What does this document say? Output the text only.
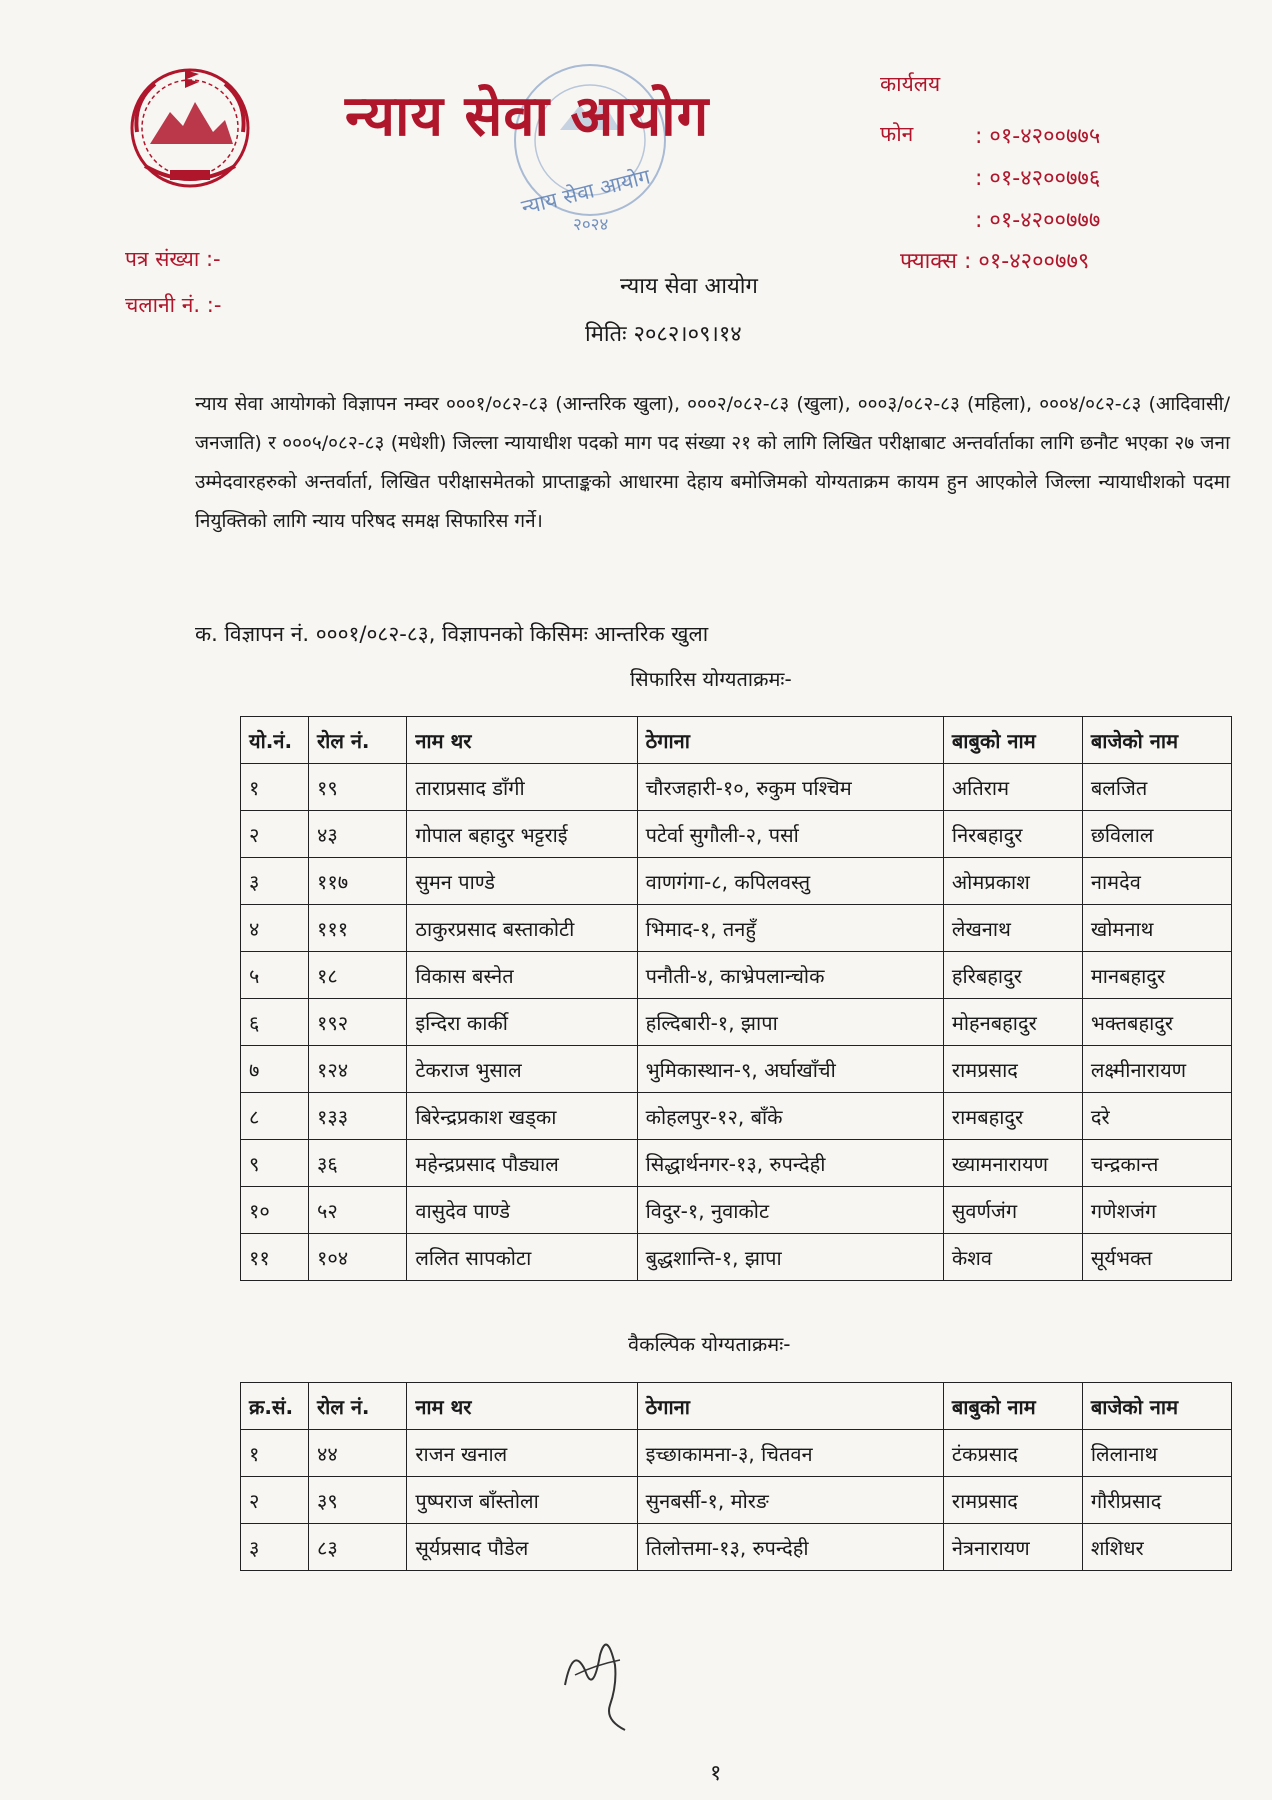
न्याय सेवा आयोग
२०२४
न्याय सेवा आयोग	कार्यलय
फोन	: ०१-४२००७७५
: ०१-४२००७७६
: ०१-४२००७७७
फ्याक्स : ०१-४२००७७९
पत्र संख्या :-
चलानी नं. :-
न्याय सेवा आयोग
मितिः २०८२।०९।१४
न्याय सेवा आयोगको विज्ञापन नम्वर ०००१/०८२-८३ (आन्तरिक खुला), ०००२/०८२-८३ (खुला), ०००३/०८२-८३ (महिला), ०००४/०८२-८३ (आदिवासी/जनजाति) र ०००५/०८२-८३ (मधेशी) जिल्ला न्यायाधीश पदको माग पद संख्या २१ को लागि लिखित परीक्षाबाट अन्तर्वार्ताका लागि छनौट भएका २७ जना उम्मेदवारहरुको अन्तर्वार्ता, लिखित परीक्षासमेतको प्राप्ताङ्कको आधारमा देहाय बमोजिमको योग्यताक्रम कायम हुन आएकोले जिल्ला न्यायाधीशको पदमा नियुक्तिको लागि न्याय परिषद समक्ष सिफारिस गर्ने।
क. विज्ञापन नं. ०००१/०८२-८३, विज्ञापनको किसिमः आन्तरिक खुला
सिफारिस योग्यताक्रमः-
यो.नं.	रोल नं.	नाम थर	ठेगाना	बाबुको नाम	बाजेको नाम
१	१९	ताराप्रसाद डाँगी	चौरजहारी-१०, रुकुम पश्चिम	अतिराम	बलजित
२	४३	गोपाल बहादुर भट्टराई	पटेर्वा सुगौली-२, पर्सा	निरबहादुर	छविलाल
३	११७	सुमन पाण्डे	वाणगंगा-८, कपिलवस्तु	ओमप्रकाश	नामदेव
४	१११	ठाकुरप्रसाद बस्ताकोटी	भिमाद-१, तनहुँ	लेखनाथ	खोमनाथ
५	१८	विकास बस्नेत	पनौती-४, काभ्रेपलान्चोक	हरिबहादुर	मानबहादुर
६	१९२	इन्दिरा कार्की	हल्दिबारी-१, झापा	मोहनबहादुर	भक्तबहादुर
७	१२४	टेकराज भुसाल	भुमिकास्थान-९, अर्घाखाँची	रामप्रसाद	लक्ष्मीनारायण
८	१३३	बिरेन्द्रप्रकाश खड्का	कोहलपुर-१२, बाँके	रामबहादुर	दरे
९	३६	महेन्द्रप्रसाद पौड्याल	सिद्धार्थनगर-१३, रुपन्देही	ख्यामनारायण	चन्द्रकान्त
१०	५२	वासुदेव पाण्डे	विदुर-१, नुवाकोट	सुवर्णजंग	गणेशजंग
११	१०४	ललित सापकोटा	बुद्धशान्ति-१, झापा	केशव	सूर्यभक्त
वैकल्पिक योग्यताक्रमः-
क्र.सं.	रोल नं.	नाम थर	ठेगाना	बाबुको नाम	बाजेको नाम
१	४४	राजन खनाल	इच्छाकामना-३, चितवन	टंकप्रसाद	लिलानाथ
२	३९	पुष्पराज बाँस्तोला	सुनबर्सी-१, मोरङ	रामप्रसाद	गौरीप्रसाद
३	८३	सूर्यप्रसाद पौडेल	तिलोत्तमा-१३, रुपन्देही	नेत्रनारायण	शशिधर
१
